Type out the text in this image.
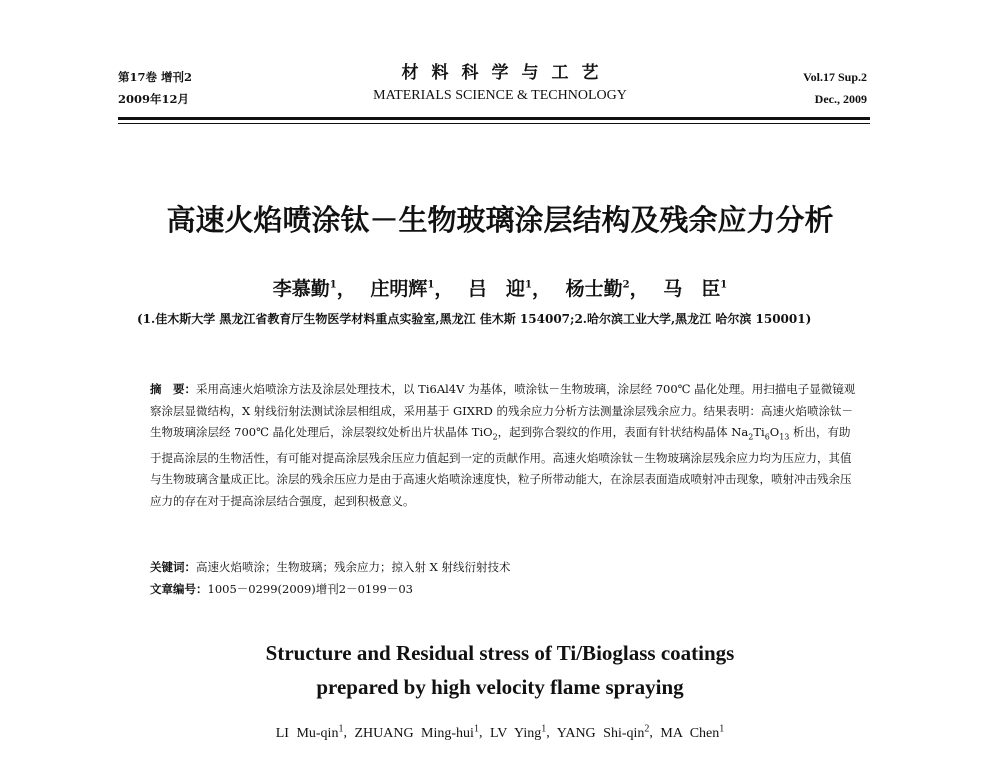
第17卷 增刊2
2009年12月
材料科学与工艺
MATERIALS SCIENCE & TECHNOLOGY
Vol.17 Sup.2
Dec., 2009
高速火焰喷涂钛－生物玻璃涂层结构及残余应力分析
李慕勤$^1$， 庄明辉$^1$， 吕　迎$^1$， 杨士勤$^2$， 马　臣$^1$
(1.佳木斯大学 黑龙江省教育厅生物医学材料重点实验室,黑龙江 佳木斯 154007;2.哈尔滨工业大学,黑龙江 哈尔滨 150001)
摘　要：采用高速火焰喷涂方法及涂层处理技术，以 Ti6Al4V 为基体，喷涂钛－生物玻璃，涂层经 700℃ 晶化处理。用扫描电子显微镜观察涂层显微结构，X 射线衍射法测试涂层相组成，采用基于 GIXRD 的残余应力分析方法测量涂层残余应力。结果表明：高速火焰喷涂钛－生物玻璃涂层经 700℃ 晶化处理后，涂层裂纹处析出片状晶体 TiO$_2$，起到弥合裂纹的作用，表面有针状结构晶体 $Na_2Ti_6O_{13}$ 析出，有助于提高涂层的生物活性，有可能对提高涂层残余压应力值起到一定的贡献作用。高速火焰喷涂钛－生物玻璃涂层残余应力均为压应力，其值与生物玻璃含量成正比。涂层的残余压应力是由于高速火焰喷涂速度快，粒子所带动能大，在涂层表面造成喷射冲击现象，喷射冲击残余压应力的存在对于提高涂层结合强度，起到积极意义。
关键词：高速火焰喷涂；生物玻璃；残余应力；掠入射 X 射线衍射技术
文章编号：1005－0299(2009)增刊2－0199－03
Structure and Residual stress of Ti/Bioglass coatings
prepared by high velocity flame spraying
LI Mu-qin$^1$, ZHUANG Ming-hui$^1$, LV Ying$^1$, YANG Shi-qin$^2$, MA Chen$^1$
